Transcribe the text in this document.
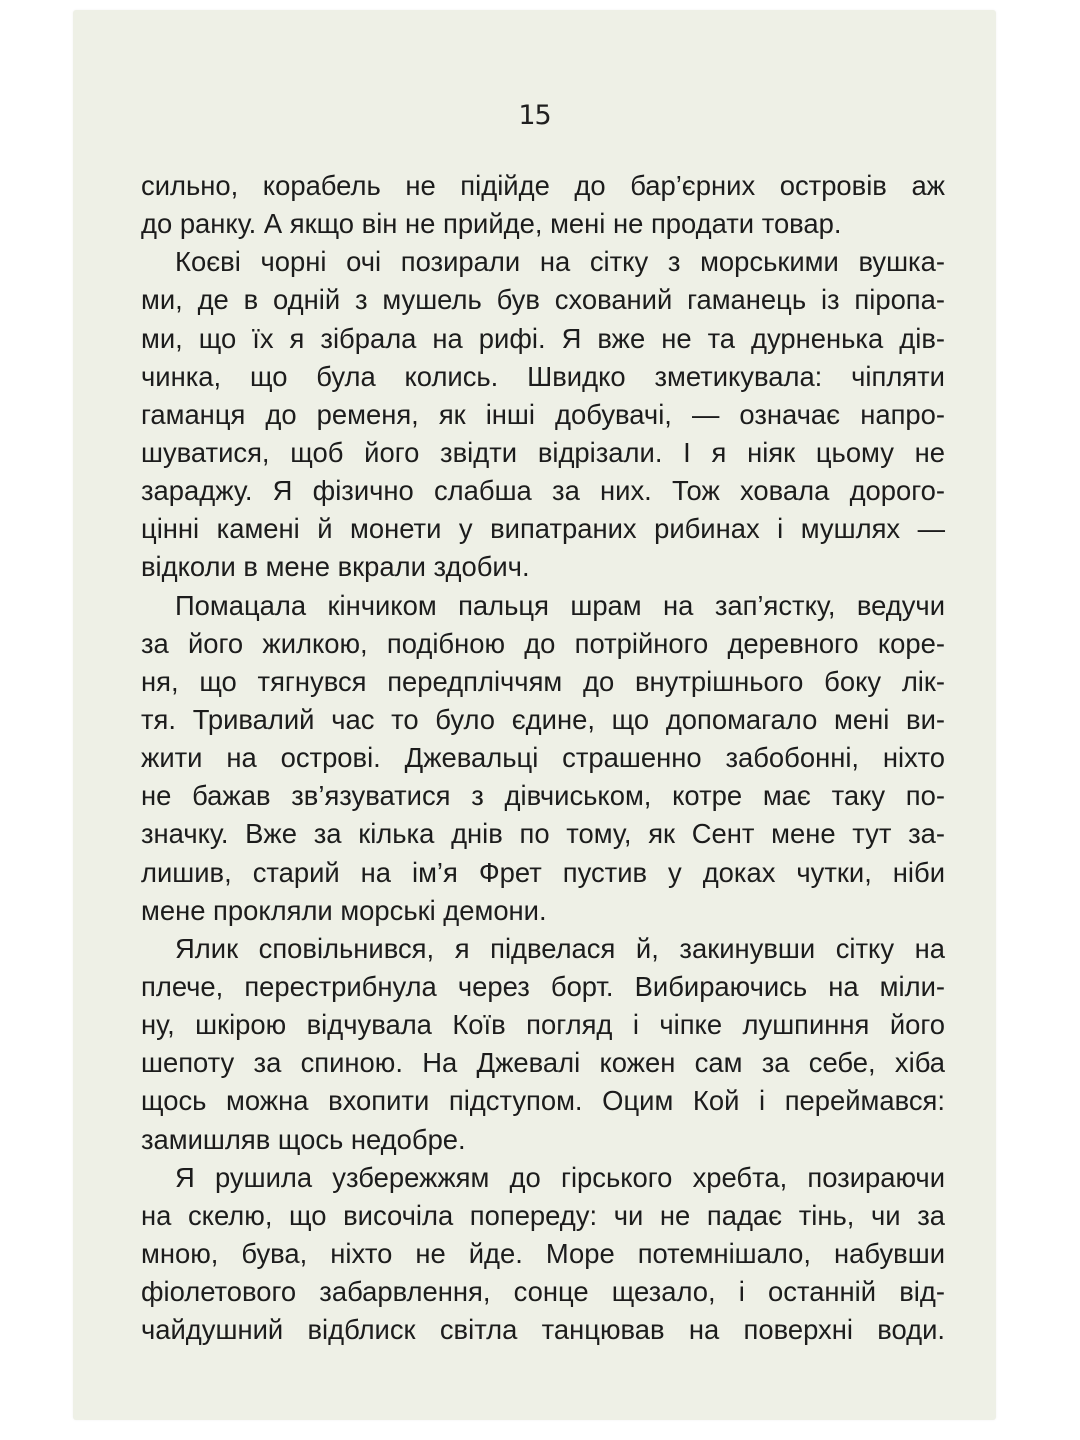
15
сильно, корабель не підійде до бар’єрних островів аж
до ранку. А якщо він не прийде, мені не продати товар.
Коєві чорні очі позирали на сітку з морськими вушка-
ми, де в одній з мушель був схований гаманець із піропа-
ми, що їх я зібрала на рифі. Я вже не та дурненька дів-
чинка, що була колись. Швидко зметикувала: чіпляти
гаманця до ременя, як інші добувачі, — означає напро-
шуватися, щоб його звідти відрізали. І я ніяк цьому не
зараджу. Я фізично слабша за них. Тож ховала дорого-
цінні камені й монети у випатраних рибинах і мушлях —
відколи в мене вкрали здобич.
Помацала кінчиком пальця шрам на зап’ястку, ведучи
за його жилкою, подібною до потрійного деревного коре-
ня, що тягнувся передпліччям до внутрішнього боку лік-
тя. Тривалий час то було єдине, що допомагало мені ви-
жити на острові. Джевальці страшенно забобонні, ніхто
не бажав зв’язуватися з дівчиськом, котре має таку по-
значку. Вже за кілька днів по тому, як Сент мене тут за-
лишив, старий на ім’я Фрет пустив у доках чутки, ніби
мене прокляли морські демони.
Ялик сповільнився, я підвелася й, закинувши сітку на
плече, перестрибнула через борт. Вибираючись на міли-
ну, шкірою відчувала Коїв погляд і чіпке лушпиння його
шепоту за спиною. На Джевалі кожен сам за себе, хіба
щось можна вхопити підступом. Оцим Кой і переймався:
замишляв щось недобре.
Я рушила узбережжям до гірського хребта, позираючи
на скелю, що височіла попереду: чи не падає тінь, чи за
мною, бува, ніхто не йде. Море потемнішало, набувши
фіолетового забарвлення, сонце щезало, і останній від-
чайдушний відблиск світла танцював на поверхні води.
